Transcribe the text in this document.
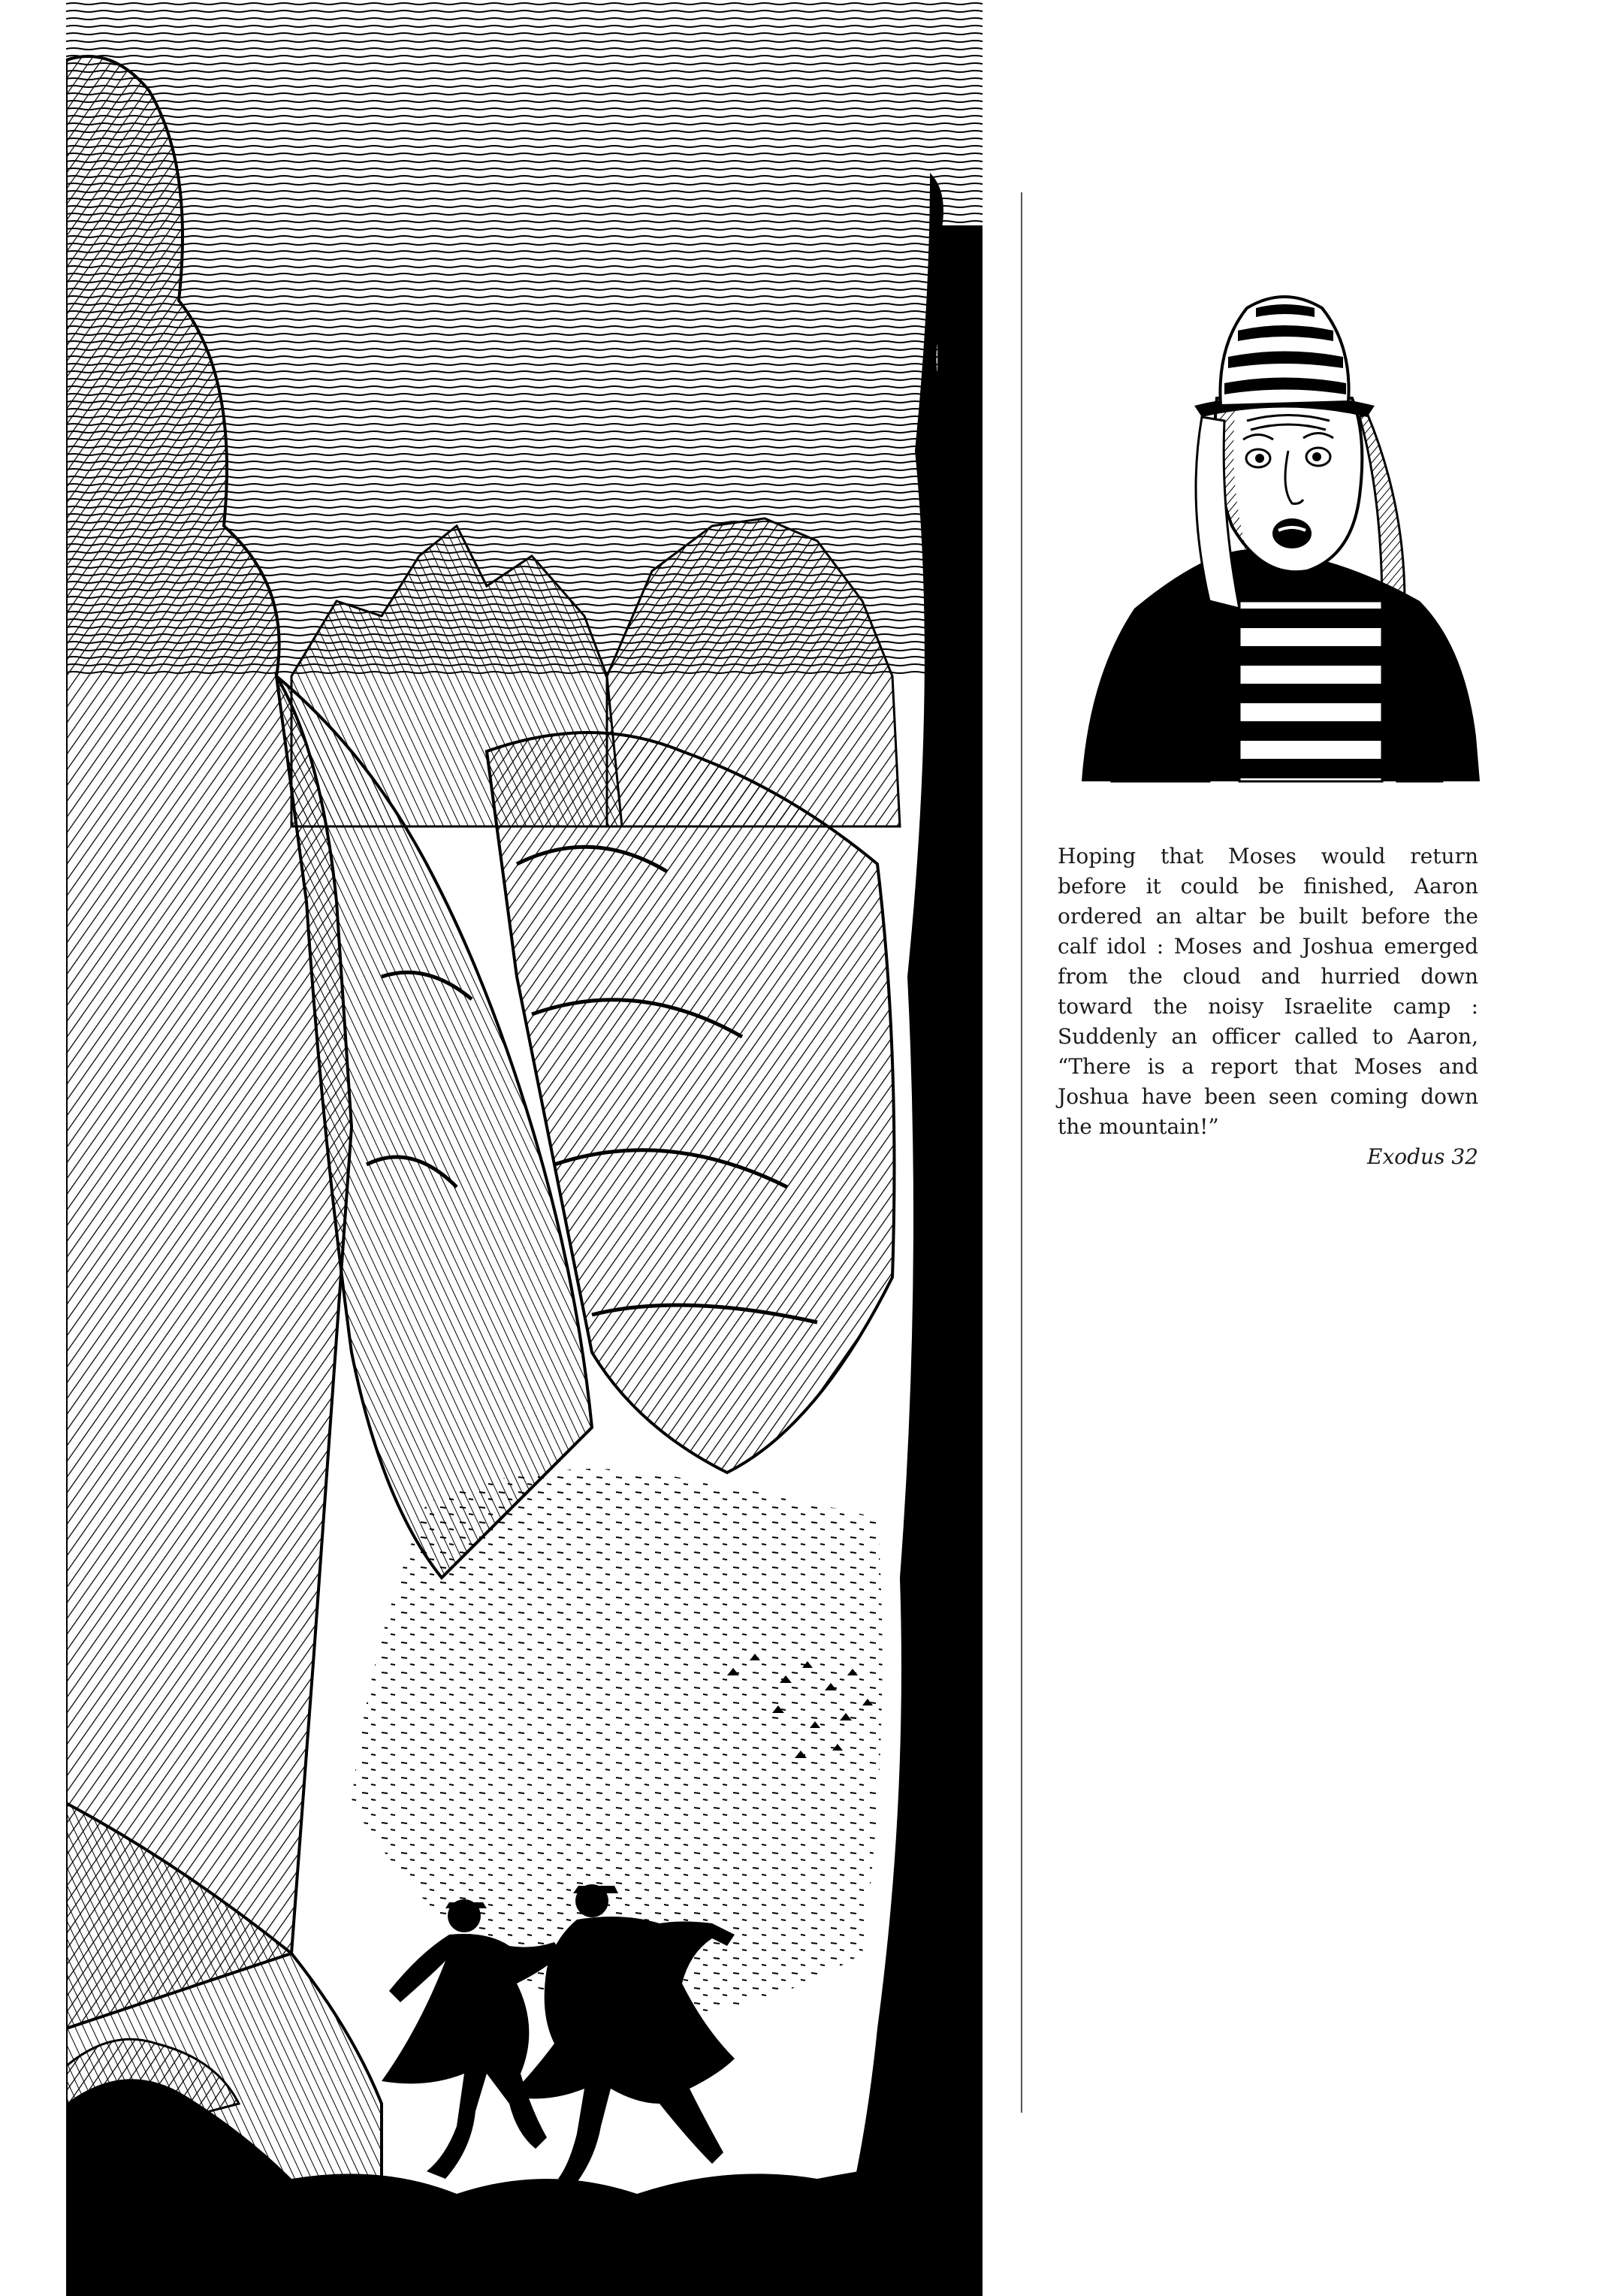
Hoping that Moses would return before it could be finished, Aaron ordered an altar be built before the calf idol : Moses and Joshua emerged from the cloud and hurried down toward the noisy Israelite camp : Suddenly an officer called to Aaron, “There is a report that Moses and Joshua have been seen coming down the mountain!”

Exodus 32
